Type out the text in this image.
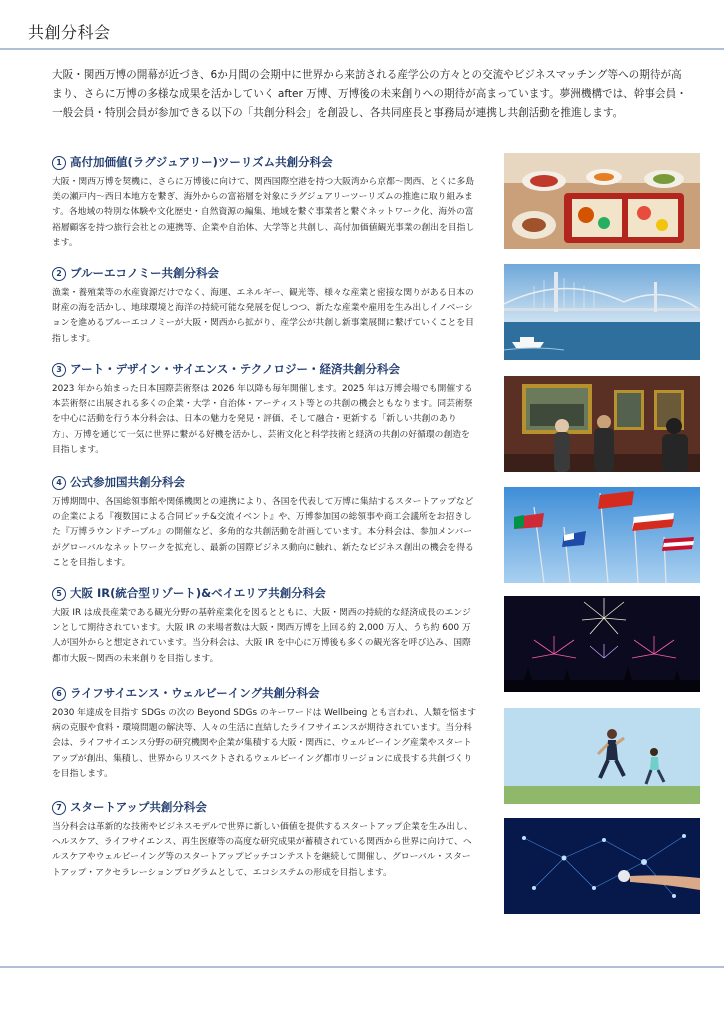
共創分科会

大阪・関西万博の開幕が近づき、6か月間の会期中に世界から来訪される産学公の方々との交流やビジネスマッチング等への期待が高まり、さらに万博の多様な成果を活かしていく after 万博、万博後の未来創りへの期待が高まっています。夢洲機構では、幹事会員・一般会員・特別会員が参加できる以下の「共創分科会」を創設し、各共同座長と事務局が連携し共創活動を推進します。

1 高付加価値(ラグジュアリー)ツーリズム共創分科会

大阪・関西万博を契機に、さらに万博後に向けて、関西国際空港を持つ大阪湾から京都〜関西、とくに多島美の瀬戸内〜西日本地方を繋ぎ、海外からの富裕層を対象にラグジュアリーツーリズムの推進に取り組みます。各地域の特別な体験や文化歴史・自然資源の編集、地域を繋ぐ事業者と繋ぐネットワーク化、海外の富裕層顧客を持つ旅行会社との連携等、企業や自治体、大学等と共創し、高付加価値観光事業の創出を目指します。

2 ブルーエコノミー共創分科会

漁業・養殖業等の水産資源だけでなく、海運、エネルギー、観光等、様々な産業と密接な関りがある日本の財産の海を活かし、地球環境と海洋の持続可能な発展を促しつつ、新たな産業や雇用を生み出しイノベーションを進めるブルーエコノミーが大阪・関西から拡がり、産学公が共創し新事業展開に繋げていくことを目指します。

3 アート・デザイン・サイエンス・テクノロジー・経済共創分科会

2023 年から始まった日本国際芸術祭は 2026 年以降も毎年開催します。2025 年は万博会場でも開催する本芸術祭に出展される多くの企業・大学・自治体・アーティスト等との共創の機会ともなります。同芸術祭を中心に活動を行う本分科会は、日本の魅力を発見・評価、そして融合・更新する「新しい共創のあり方」、万博を通じて一気に世界に繋がる好機を活かし、芸術文化と科学技術と経済の共創の好循環の創造を目指します。

4 公式参加国共創分科会

万博期間中、各国総領事館や関係機関との連携により、各国を代表して万博に集結するスタートアップなどの企業による『複数国による合同ピッチ&交流イベント』や、万博参加国の総領事や商工会議所をお招きした『万博ラウンドテーブル』の開催など、多角的な共創活動を計画しています。本分科会は、参加メンバーがグローバルなネットワークを拡充し、最新の国際ビジネス動向に触れ、新たなビジネス創出の機会を得ることを目指します。

5 大阪 IR(統合型リゾート)&ベイエリア共創分科会

大阪 IR は成長産業である観光分野の基幹産業化を図るとともに、大阪・関西の持続的な経済成長のエンジンとして期待されています。大阪 IR の来場者数は大阪・関西万博を上回る約 2,000 万人、うち約 600 万人が国外からと想定されています。当分科会は、大阪 IR を中心に万博後も多くの観光客を呼び込み、国際都市大阪〜関西の未来創りを目指します。

6 ライフサイエンス・ウェルビーイング共創分科会

2030 年達成を目指す SDGs の次の Beyond SDGs のキーワードは Wellbeing とも言われ、人類を悩ます病の克服や食料・環境問題の解決等、人々の生活に直結したライフサイエンスが期待されています。当分科会は、ライフサイエンス分野の研究機関や企業が集積する大阪・関西に、ウェルビーイング産業やスタートアップが創出、集積し、世界からリスペクトされるウェルビーイング都市リージョンに成長する共創づくりを目指します。

7 スタートアップ共創分科会

当分科会は革新的な技術やビジネスモデルで世界に新しい価値を提供するスタートアップ企業を生み出し、ヘルスケア、ライフサイエンス、再生医療等の高度な研究成果が蓄積されている関西から世界に向けて、ヘルスケアやウェルビーイング等のスタートアップピッチコンテストを継続して開催し、グローバル・スタートアップ・アクセラレーションプログラムとして、エコシステムの形成を目指します。
